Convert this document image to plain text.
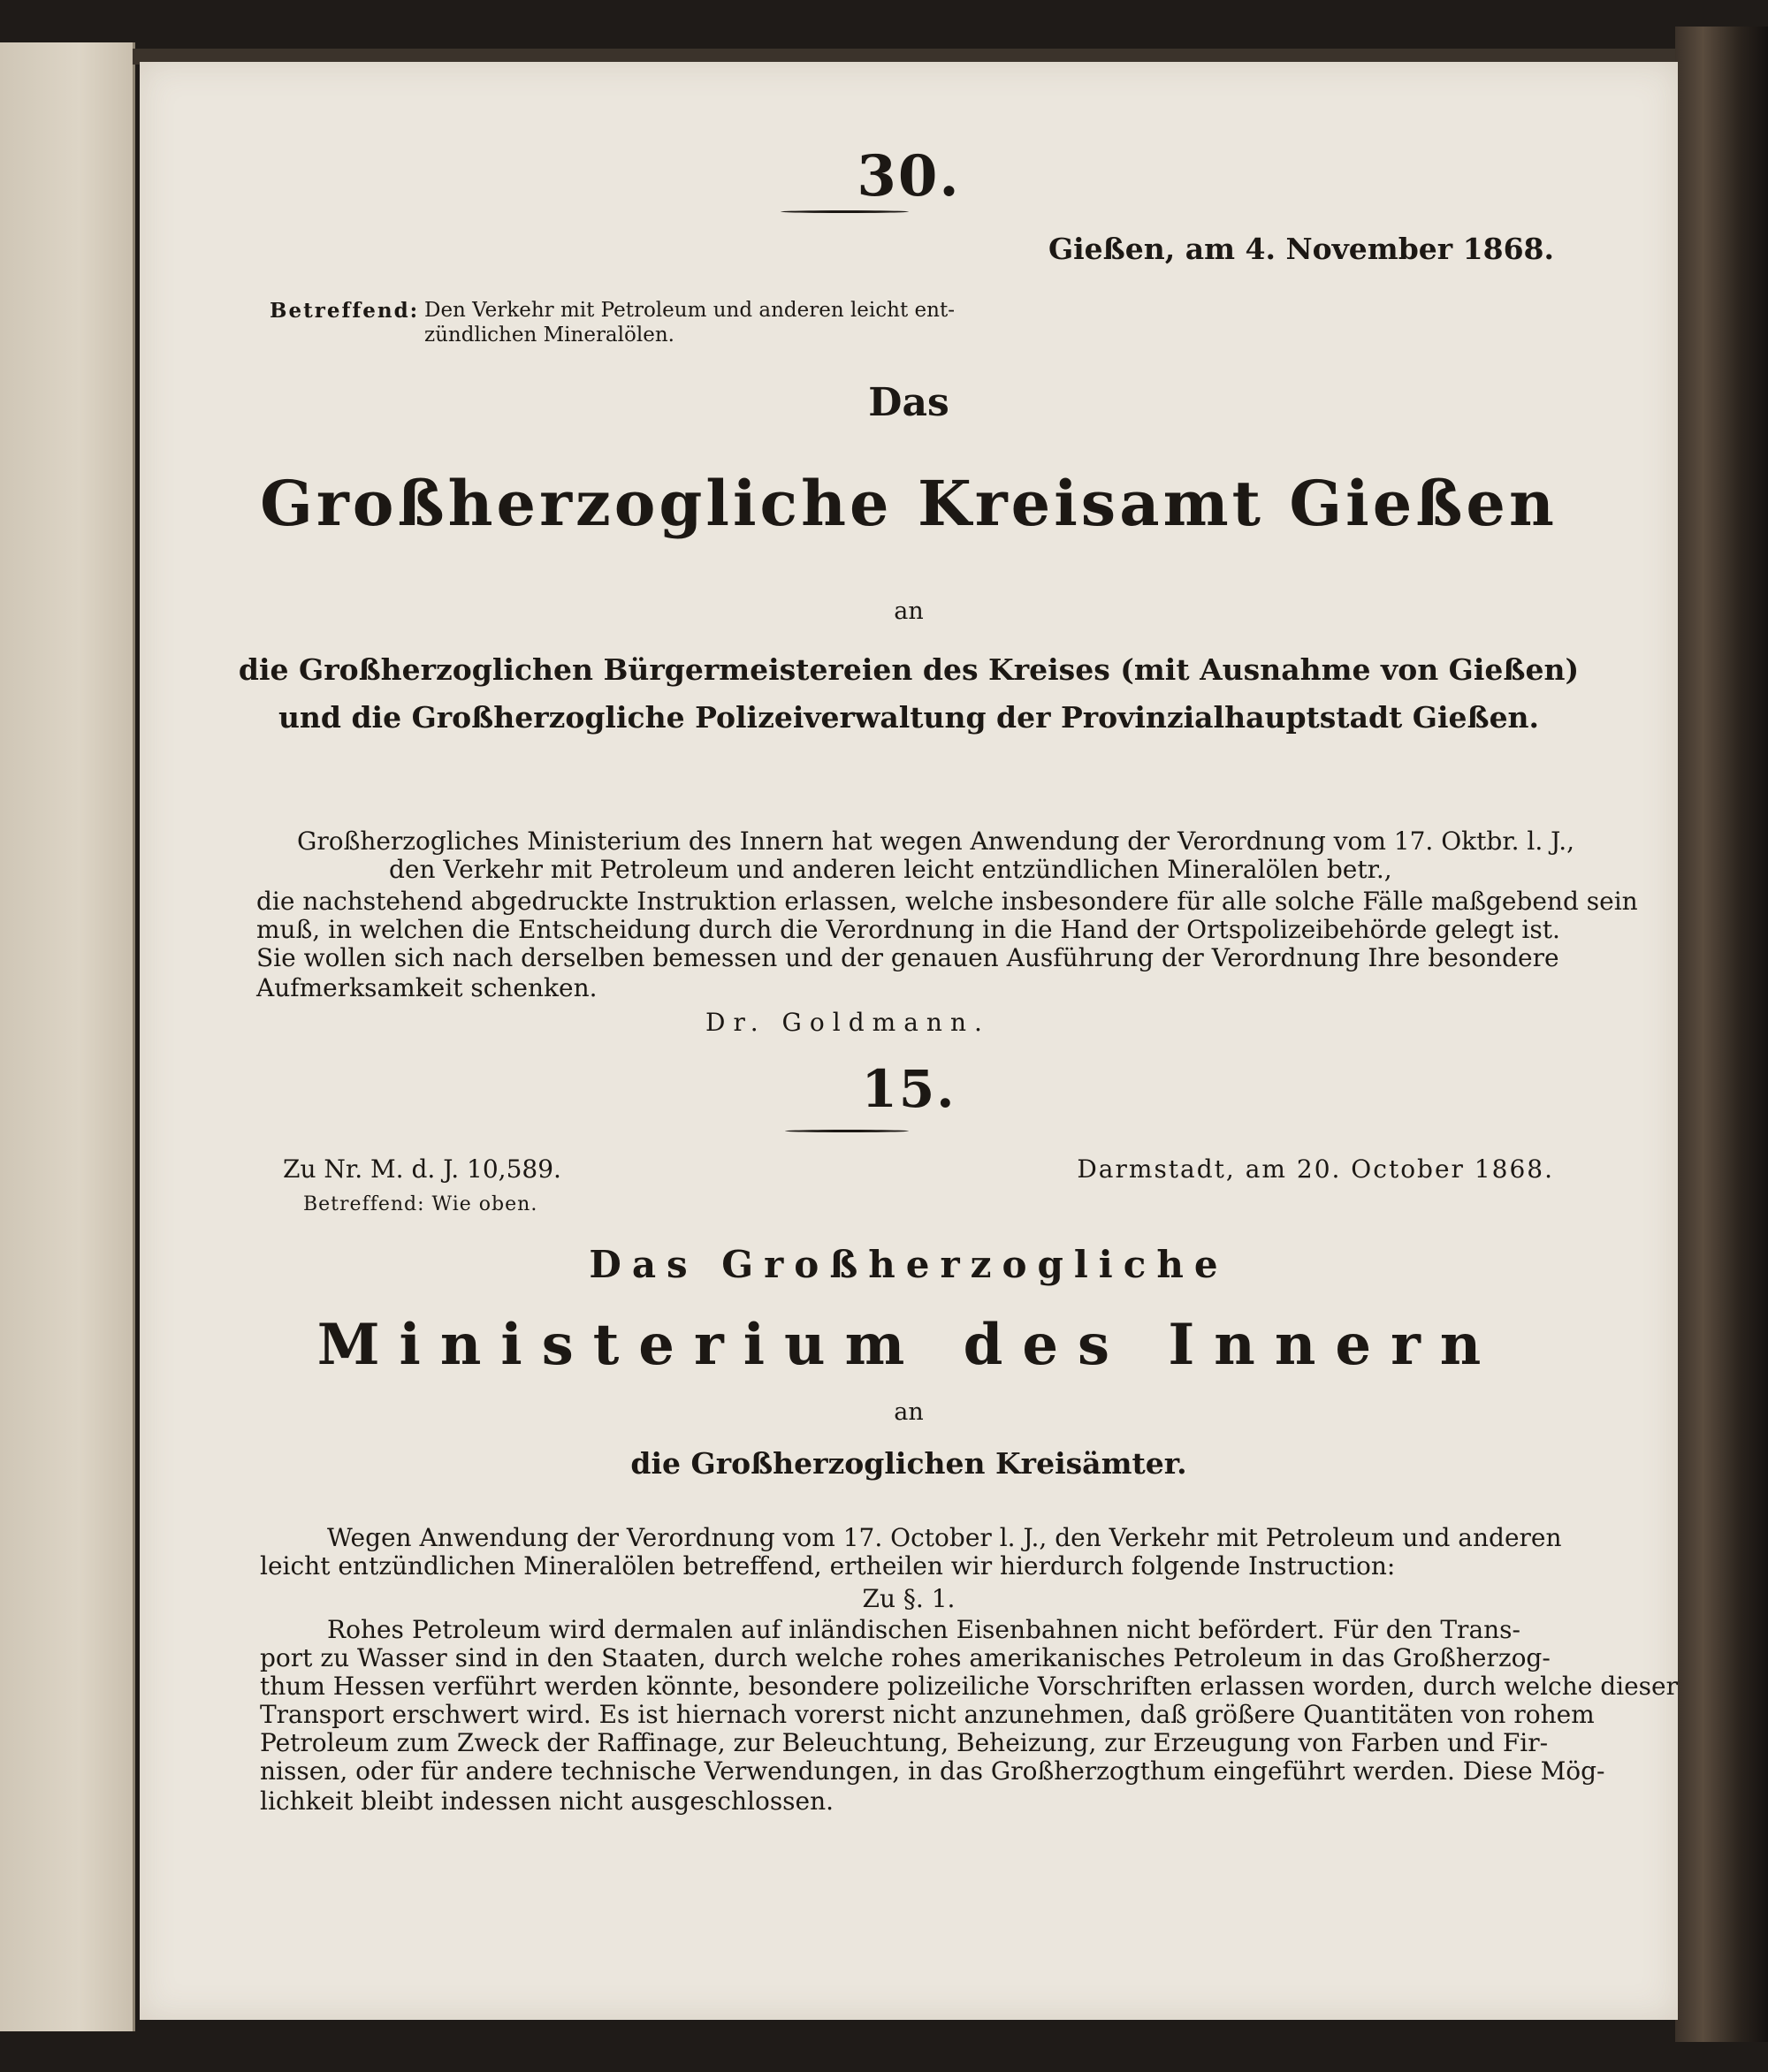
30.
Gießen, am 4. November 1868.
Betreffend: Den Verkehr mit Petroleum und anderen leicht ent-
zündlichen Mineralölen.
Das
Großherzogliche Kreisamt Gießen
an
die Großherzoglichen Bürgermeistereien des Kreises (mit Ausnahme von Gießen)
und die Großherzogliche Polizeiverwaltung der Provinzialhauptstadt Gießen.
Großherzogliches Ministerium des Innern hat wegen Anwendung der Verordnung vom 17. Oktbr. l. J.,
den Verkehr mit Petroleum und anderen leicht entzündlichen Mineralölen betr.,
die nachstehend abgedruckte Instruktion erlassen, welche insbesondere für alle solche Fälle maßgebend sein
muß, in welchen die Entscheidung durch die Verordnung in die Hand der Ortspolizeibehörde gelegt ist.
Sie wollen sich nach derselben bemessen und der genauen Ausführung der Verordnung Ihre besondere
Aufmerksamkeit schenken.
Dr. Goldmann.
15.
Zu Nr. M. d. J. 10,589.	Darmstadt, am 20. October 1868.
Betreffend: Wie oben.
Das Großherzogliche
Ministerium des Innern
an
die Großherzoglichen Kreisämter.
Wegen Anwendung der Verordnung vom 17. October l. J., den Verkehr mit Petroleum und anderen
leicht entzündlichen Mineralölen betreffend, ertheilen wir hierdurch folgende Instruction:
Zu §. 1.
Rohes Petroleum wird dermalen auf inländischen Eisenbahnen nicht befördert. Für den Trans-
port zu Wasser sind in den Staaten, durch welche rohes amerikanisches Petroleum in das Großherzog-
thum Hessen verführt werden könnte, besondere polizeiliche Vorschriften erlassen worden, durch welche dieser
Transport erschwert wird. Es ist hiernach vorerst nicht anzunehmen, daß größere Quantitäten von rohem
Petroleum zum Zweck der Raffinage, zur Beleuchtung, Beheizung, zur Erzeugung von Farben und Fir-
nissen, oder für andere technische Verwendungen, in das Großherzogthum eingeführt werden. Diese Mög-
lichkeit bleibt indessen nicht ausgeschlossen.
